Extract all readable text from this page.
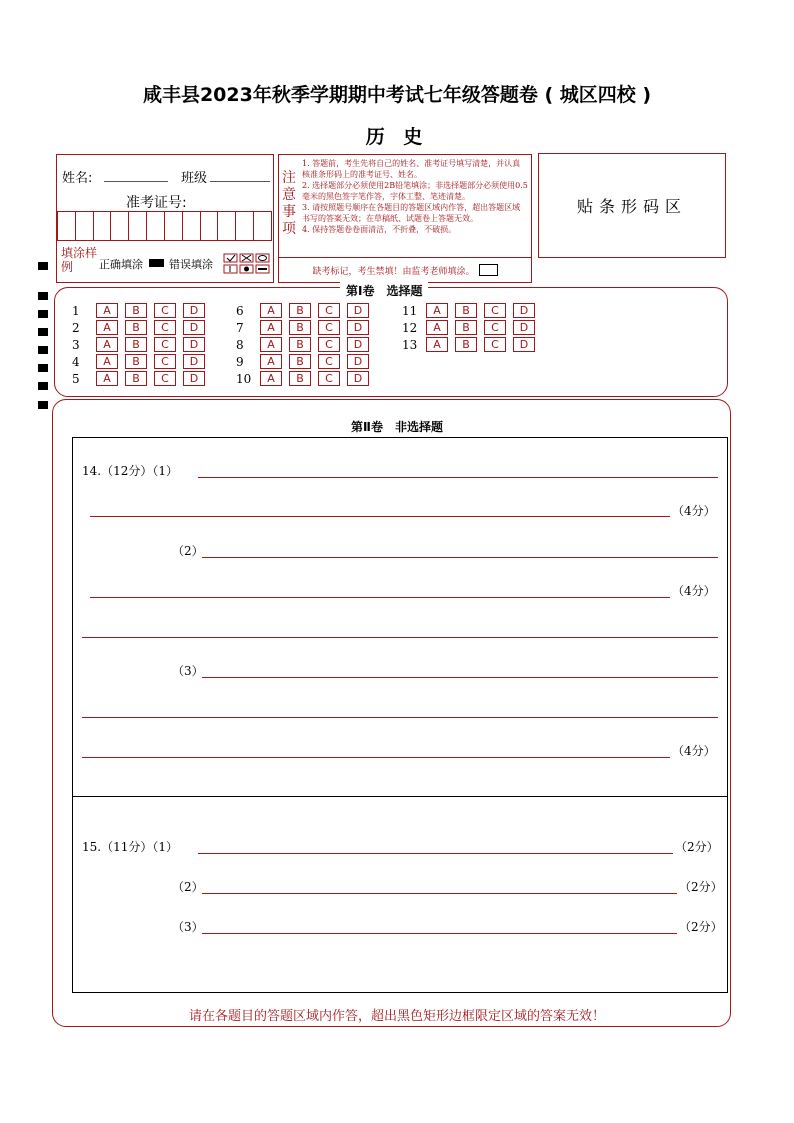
咸丰县2023年秋季学期期中考试七年级答题卷 ( 城区四校 )
历 史
姓名:	班级
准考证号:
填涂样例	正确填涂 错误填涂
注意事项
1. 答题前，考生先将自己的姓名、准考证号填写清楚，并认真核准条形码上的准考证号、姓名。
2. 选择题部分必须使用2B铅笔填涂；非选择题部分必须使用0.5毫米的黑色签字笔作答，字体工整、笔迹清楚。
3. 请按照题号顺序在各题目的答题区域内作答，超出答题区域书写的答案无效；在草稿纸、试题卷上答题无效。
4. 保持答题卷卷面清洁，不折叠，不破损。
缺考标记，考生禁填！由监考老师填涂。
贴条形码区
第Ⅰ卷　选择题
1	A	B	C	D
2	A	B	C	D
3	A	B	C	D
4	A	B	C	D
5	A	B	C	D
6	A	B	C	D
7	A	B	C	D
8	A	B	C	D
9	A	B	C	D
10	A	B	C	D
11	A	B	C	D
12	A	B	C	D
13	A	B	C	D
第Ⅱ卷　非选择题
14.（12分）（1）
（4分）
（2）
（4分）
（3）
（4分）
15.（11分）（1）	（2分）
（2）	（2分）
（3）	（2分）
请在各题目的答题区域内作答，超出黑色矩形边框限定区域的答案无效！
